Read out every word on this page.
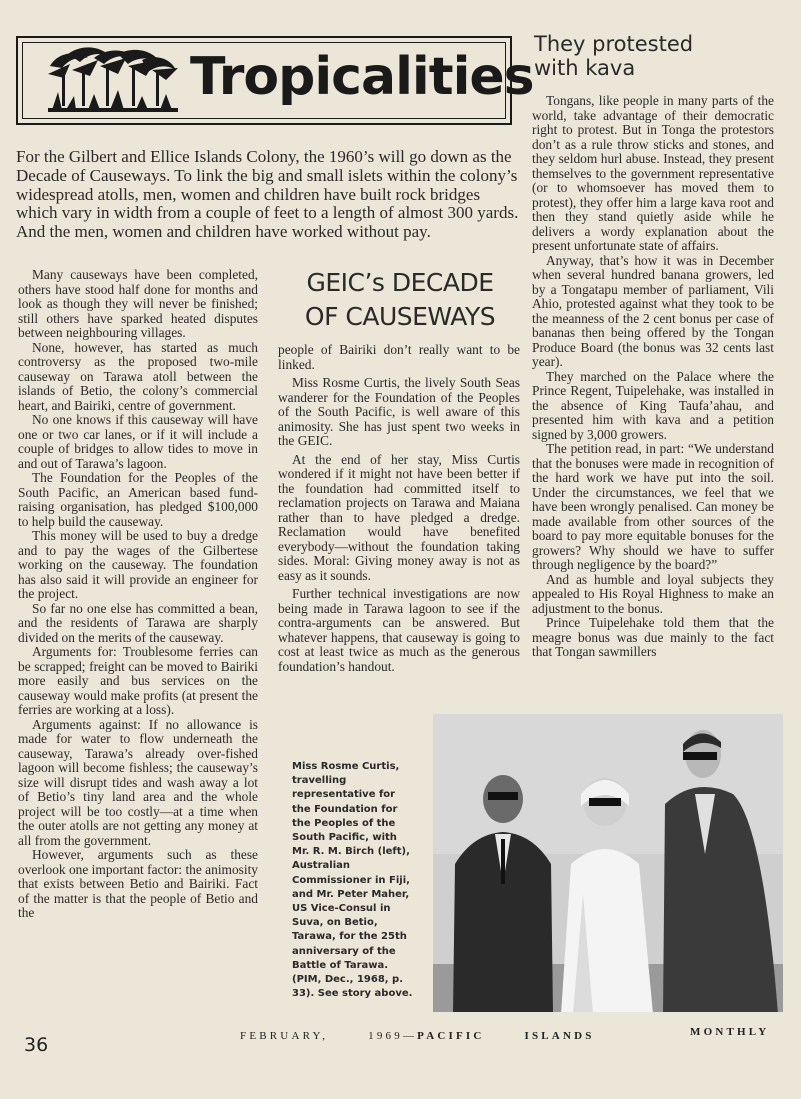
Tropicalities
For the Gilbert and Ellice Islands Colony, the 1960’s will go down as the Decade of Causeways. To link the big and small islets within the colony’s widespread atolls, men, women and children have built rock bridges which vary in width from a couple of feet to a length of almost 300 yards. And the men, women and children have worked without pay.

Many causeways have been completed, others have stood half done for months and look as though they will never be finished; still others have sparked heated disputes between neighbouring villages.

None, however, has started as much controversy as the proposed two-mile causeway on Tarawa atoll between the islands of Betio, the colony’s commercial heart, and Bairiki, centre of government.

No one knows if this causeway will have one or two car lanes, or if it will include a couple of bridges to allow tides to move in and out of Tarawa’s lagoon.

The Foundation for the Peoples of the South Pacific, an American based fund-raising organisation, has pledged $100,000 to help build the causeway.

This money will be used to buy a dredge and to pay the wages of the Gilbertese working on the causeway. The foundation has also said it will provide an engineer for the project.

So far no one else has committed a bean, and the residents of Tarawa are sharply divided on the merits of the causeway.

Arguments for: Troublesome ferries can be scrapped; freight can be moved to Bairiki more easily and bus services on the causeway would make profits (at present the ferries are working at a loss).

Arguments against: If no allowance is made for water to flow underneath the causeway, Tarawa’s already over-fished lagoon will become fishless; the causeway’s size will disrupt tides and wash away a lot of Betio’s tiny land area and the whole project will be too costly—at a time when the outer atolls are not getting any money at all from the government.

However, arguments such as these overlook one important factor: the animosity that exists between Betio and Bairiki. Fact of the matter is that the people of Betio and the

GEIC’s DECADE
OF CAUSEWAYS

people of Bairiki don’t really want to be linked.

Miss Rosme Curtis, the lively South Seas wanderer for the Foundation of the Peoples of the South Pacific, is well aware of this animosity. She has just spent two weeks in the GEIC.

At the end of her stay, Miss Curtis wondered if it might not have been better if the foundation had committed itself to reclamation projects on Tarawa and Maiana rather than to have pledged a dredge. Reclamation would have benefited everybody—without the foundation taking sides. Moral: Giving money away is not as easy as it sounds.

Further technical investigations are now being made in Tarawa lagoon to see if the contra-arguments can be answered. But whatever happens, that causeway is going to cost at least twice as much as the generous foundation’s handout.

They protested
with kava

Tongans, like people in many parts of the world, take advantage of their democratic right to protest. But in Tonga the protestors don’t as a rule throw sticks and stones, and they seldom hurl abuse. Instead, they present themselves to the government representative (or to whomsoever has moved them to protest), they offer him a large kava root and then they stand quietly aside while he delivers a wordy explanation about the present unfortunate state of affairs.

Anyway, that’s how it was in December when several hundred banana growers, led by a Tongatapu member of parliament, Vili Ahio, protested against what they took to be the meanness of the 2 cent bonus per case of bananas then being offered by the Tongan Produce Board (the bonus was 32 cents last year).

They marched on the Palace where the Prince Regent, Tuipelehake, was installed in the absence of King Taufa’ahau, and presented him with kava and a petition signed by 3,000 growers.

The petition read, in part: “We understand that the bonuses were made in recognition of the hard work we have put into the soil. Under the circumstances, we feel that we have been wrongly penalised. Can money be made available from other sources of the board to pay more equitable bonuses for the growers? Why should we have to suffer through negligence by the board?”

And as humble and loyal subjects they appealed to His Royal Highness to make an adjustment to the bonus.

Prince Tuipelehake told them that the meagre bonus was due mainly to the fact that Tongan sawmillers

Miss Rosme Curtis, travelling representative for the Foundation for the Peoples of the South Pacific, with Mr. R. M. Birch (left), Australian Commissioner in Fiji, and Mr. Peter Maher, US Vice-Consul in Suva, on Betio, Tarawa, for the 25th anniversary of the Battle of Tarawa. (PIM, Dec., 1968, p. 33). See story above.
36	FEBRUARY,	1969—PACIFIC	ISLANDS	MONTHLY
